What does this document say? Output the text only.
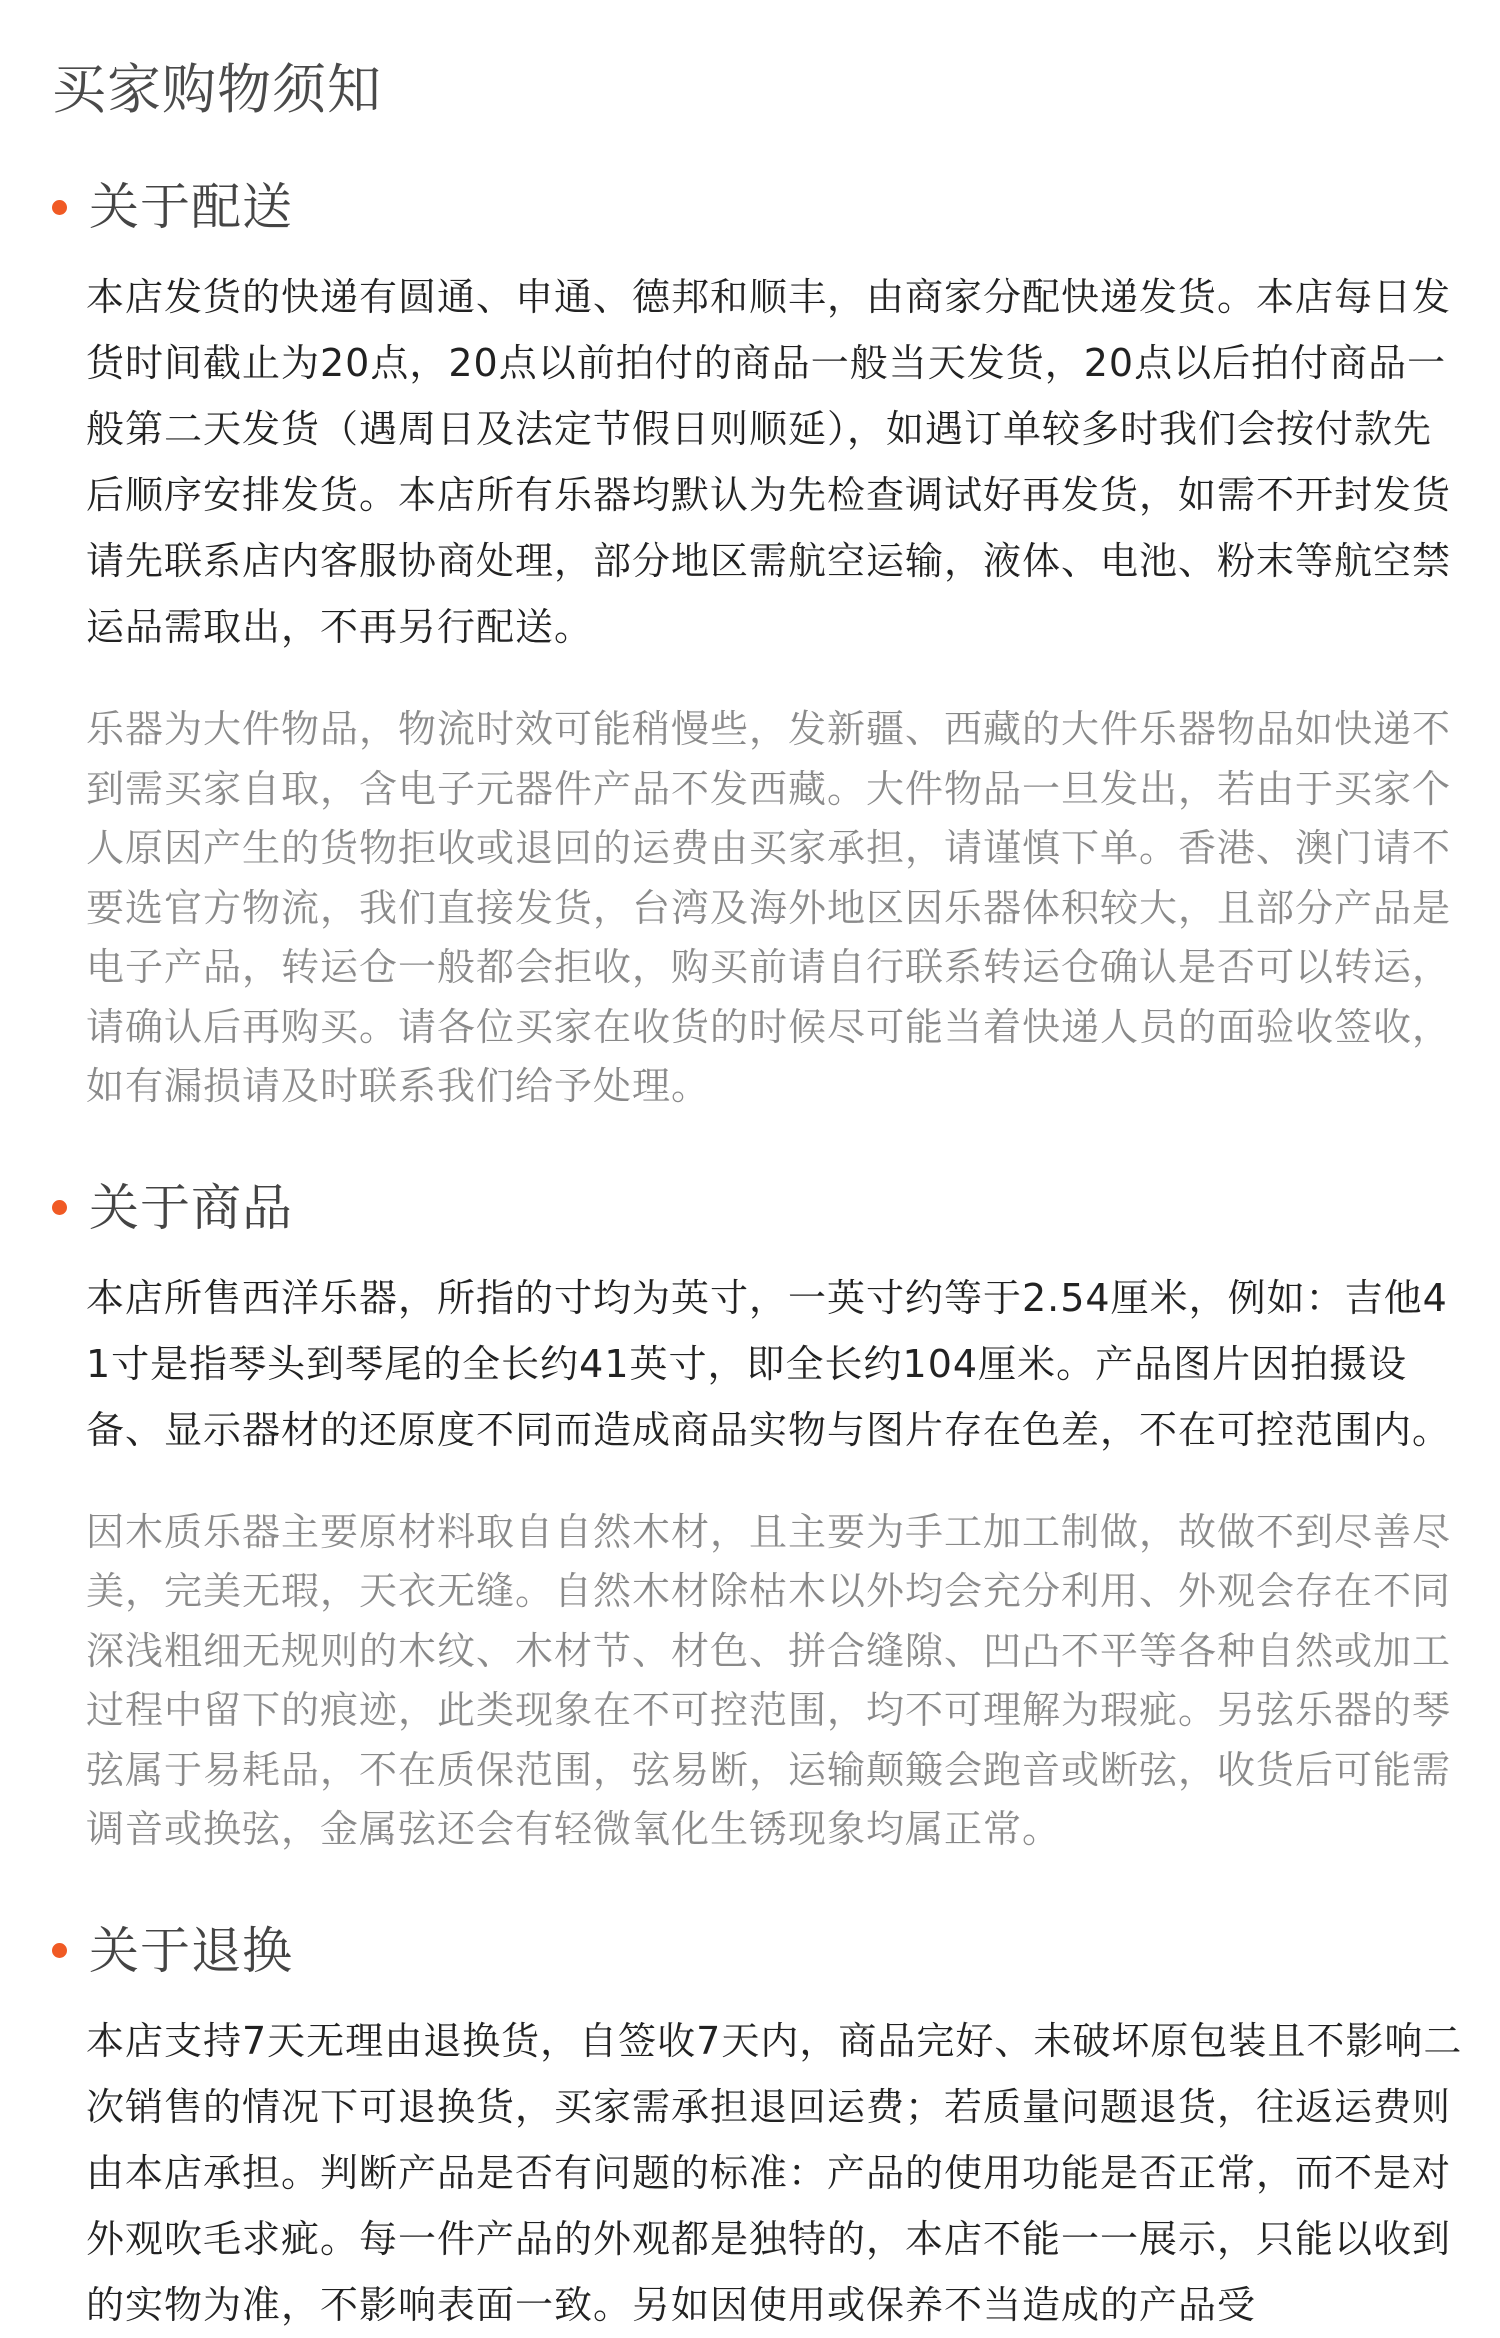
买家购物须知
关于配送

本店发货的快递有圆通、申通、德邦和顺丰，由商家分配快递发货。本店每日发货时间截止为20点，20点以前拍付的商品一般当天发货，20点以后拍付商品一般第二天发货（遇周日及法定节假日则顺延），如遇订单较多时我们会按付款先后顺序安排发货。本店所有乐器均默认为先检查调试好再发货，如需不开封发货请先联系店内客服协商处理，部分地区需航空运输，液体、电池、粉末等航空禁运品需取出，不再另行配送。

乐器为大件物品，物流时效可能稍慢些，发新疆、西藏的大件乐器物品如快递不到需买家自取，含电子元器件产品不发西藏。大件物品一旦发出，若由于买家个人原因产生的货物拒收或退回的运费由买家承担，请谨慎下单。香港、澳门请不要选官方物流，我们直接发货，台湾及海外地区因乐器体积较大，且部分产品是电子产品，转运仓一般都会拒收，购买前请自行联系转运仓确认是否可以转运，请确认后再购买。请各位买家在收货的时候尽可能当着快递人员的面验收签收，如有漏损请及时联系我们给予处理。

关于商品

本店所售西洋乐器，所指的寸均为英寸，一英寸约等于2.54厘米，例如：吉他41寸是指琴头到琴尾的全长约41英寸，即全长约104厘米。产品图片因拍摄设备、显示器材的还原度不同而造成商品实物与图片存在色差，不在可控范围内。

因木质乐器主要原材料取自自然木材，且主要为手工加工制做，故做不到尽善尽美，完美无瑕，天衣无缝。自然木材除枯木以外均会充分利用、外观会存在不同深浅粗细无规则的木纹、木材节、材色、拼合缝隙、凹凸不平等各种自然或加工过程中留下的痕迹，此类现象在不可控范围，均不可理解为瑕疵。另弦乐器的琴弦属于易耗品，不在质保范围，弦易断，运输颠簸会跑音或断弦，收货后可能需调音或换弦，金属弦还会有轻微氧化生锈现象均属正常。

关于退换

本店支持7天无理由退换货，自签收7天内，商品完好、未破坏原包装且不影响二次销售的情况下可退换货，买家需承担退回运费；若质量问题退货，往返运费则由本店承担。判断产品是否有问题的标准：产品的使用功能是否正常，而不是对外观吹毛求疵。每一件产品的外观都是独特的，本店不能一一展示，只能以收到的实物为准，不影响表面一致。另如因使用或保养不当造成的产品受
